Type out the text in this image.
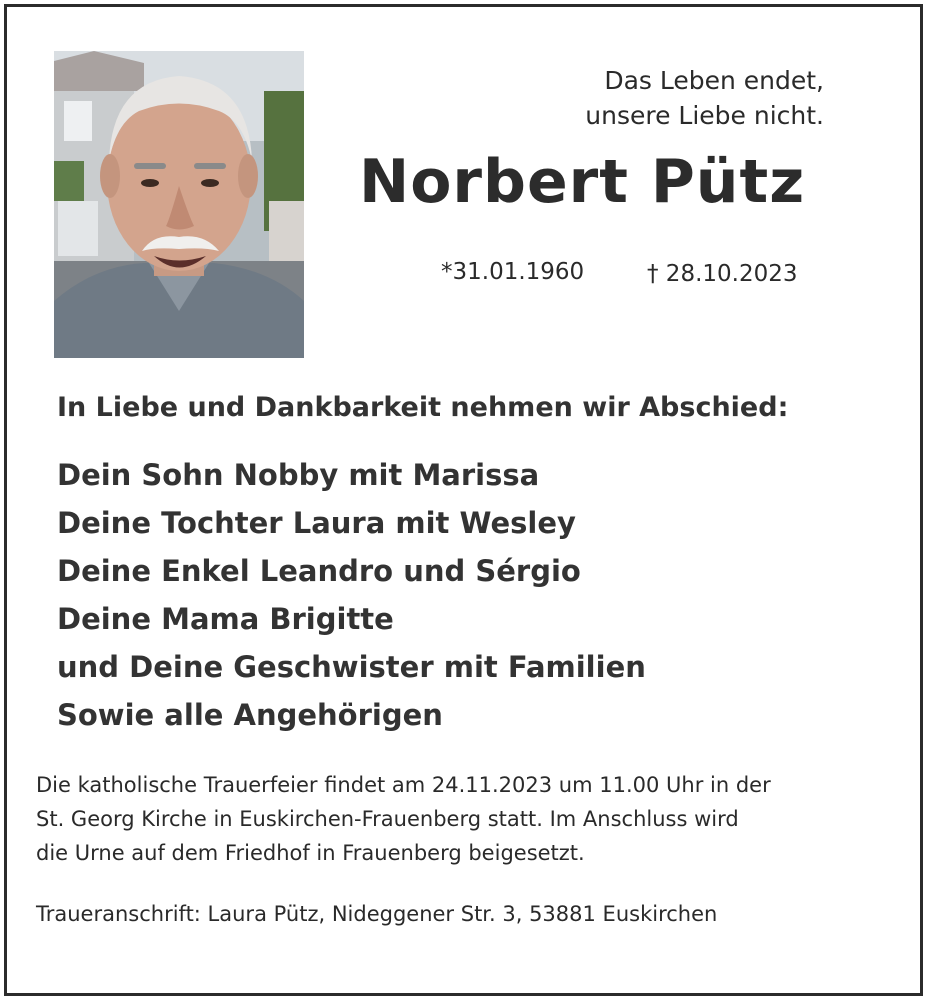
Das Leben endet,
unsere Liebe nicht.
Norbert Pütz
*31.01.1960	† 28.10.2023
In Liebe und Dankbarkeit nehmen wir Abschied:
Dein Sohn Nobby mit Marissa
Deine Tochter Laura mit Wesley
Deine Enkel Leandro und Sérgio
Deine Mama Brigitte
und Deine Geschwister mit Familien
Sowie alle Angehörigen
Die katholische Trauerfeier findet am 24.11.2023 um 11.00 Uhr in der
St. Georg Kirche in Euskirchen-Frauenberg statt. Im Anschluss wird
die Urne auf dem Friedhof in Frauenberg beigesetzt.
Traueranschrift: Laura Pütz, Nideggener Str. 3, 53881 Euskirchen
